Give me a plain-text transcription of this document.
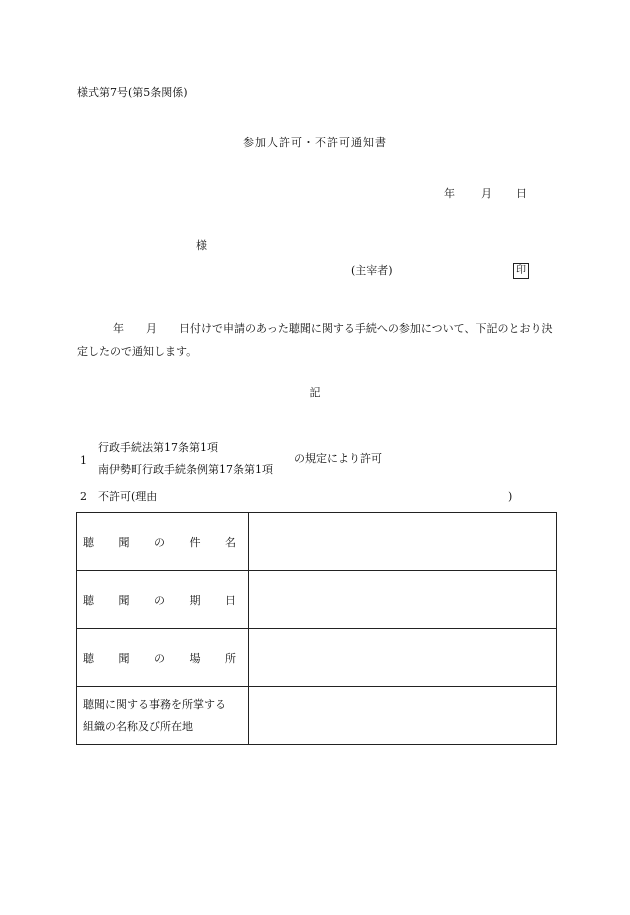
様式第7号(第5条関係)
参加人許可・不許可通知書
年 月 日
様
(主宰者)	印
年 月 日付けで申請のあった聴聞に関する手続への参加について、下記のとおり決定したので通知します。
記
1
行政手続法第17条第1項
南伊勢町行政手続条例第17条第1項
の規定により許可
2 不許可(理由	)
聴 聞 の 件 名	

聴 聞 の 期 日	

聴 聞 の 場 所	

聴聞に関する事務を所掌する
組織の名称及び所在地	
